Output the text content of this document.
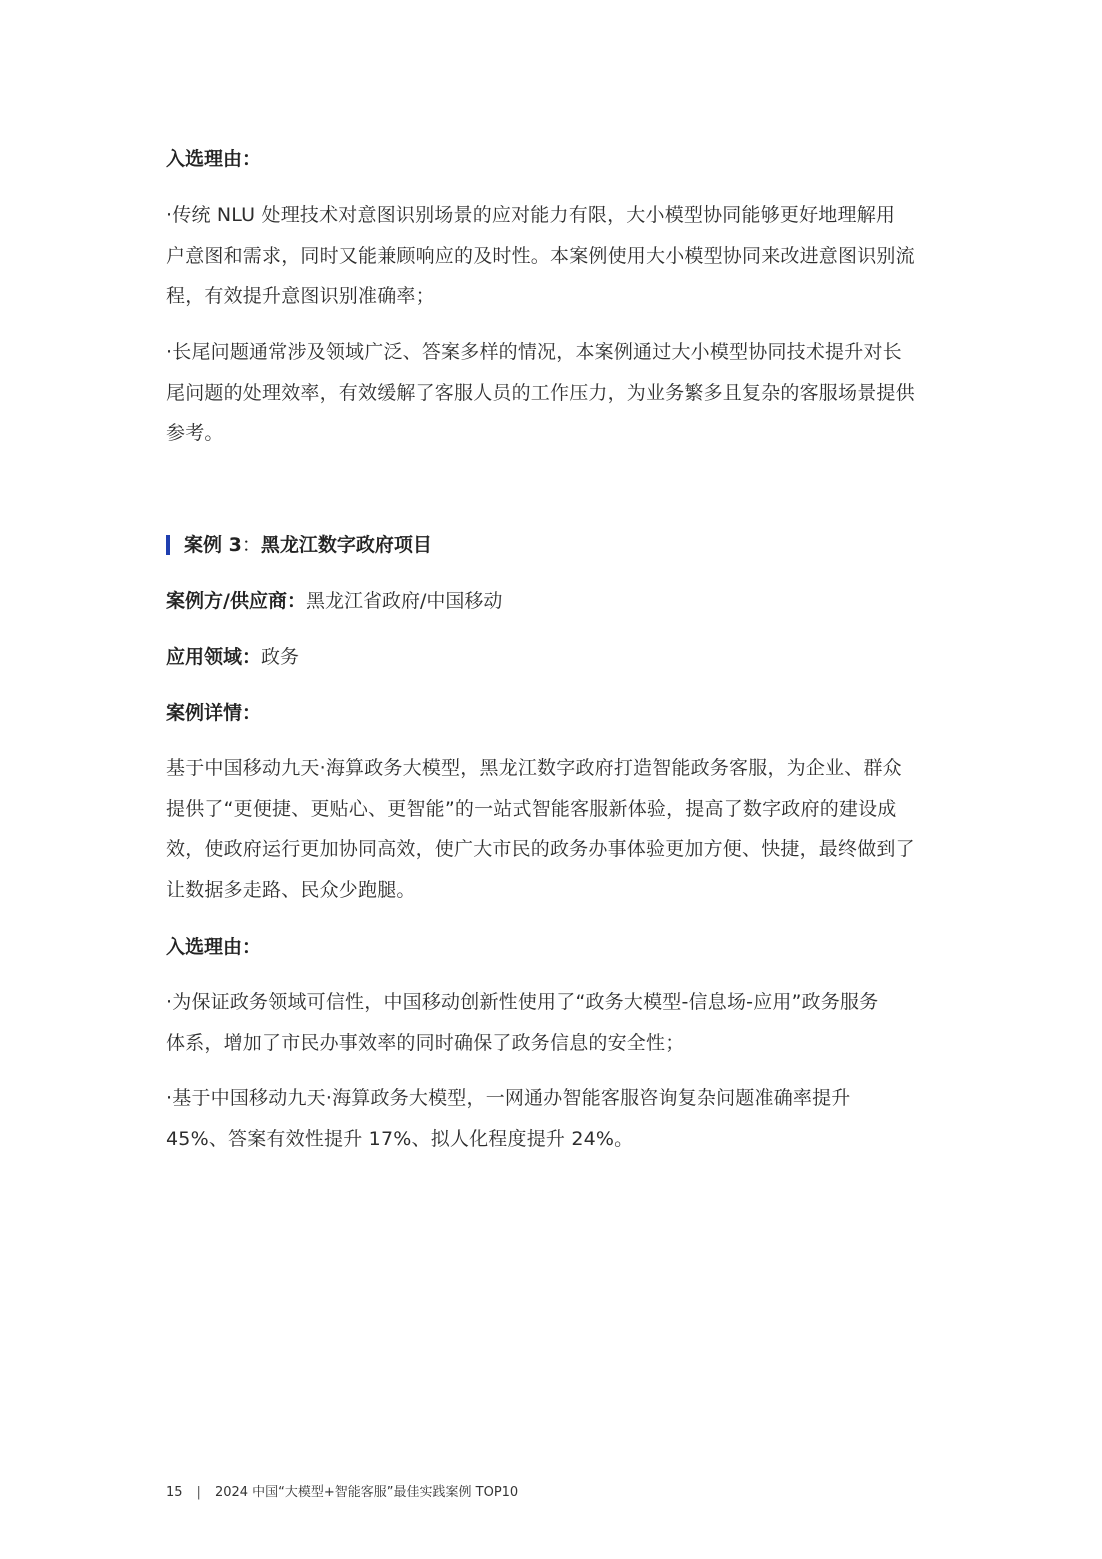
入选理由：

·传统 NLU 处理技术对意图识别场景的应对能力有限，大小模型协同能够更好地理解用

户意图和需求，同时又能兼顾响应的及时性。本案例使用大小模型协同来改进意图识别流

程，有效提升意图识别准确率；

·长尾问题通常涉及领域广泛、答案多样的情况，本案例通过大小模型协同技术提升对长

尾问题的处理效率，有效缓解了客服人员的工作压力，为业务繁多且复杂的客服场景提供

参考。

案例 3 ： 黑龙江数字政府项目

案例方/供应商：黑龙江省政府/中国移动

应用领域：政务

案例详情：

基于中国移动九天·海算政务大模型，黑龙江数字政府打造智能政务客服，为企业、群众

提供了“更便捷、更贴心、更智能”的一站式智能客服新体验，提高了数字政府的建设成

效，使政府运行更加协同高效，使广大市民的政务办事体验更加方便、快捷，最终做到了

让数据多走路、民众少跑腿。

入选理由：

·为保证政务领域可信性，中国移动创新性使用了“政务大模型-信息场-应用”政务服务

体系，增加了市民办事效率的同时确保了政务信息的安全性；

·基于中国移动九天·海算政务大模型，一网通办智能客服咨询复杂问题准确率提升

45%、答案有效性提升 17%、拟人化程度提升 24%。

15 | 2024 中国“大模型+智能客服”最佳实践案例 TOP10
